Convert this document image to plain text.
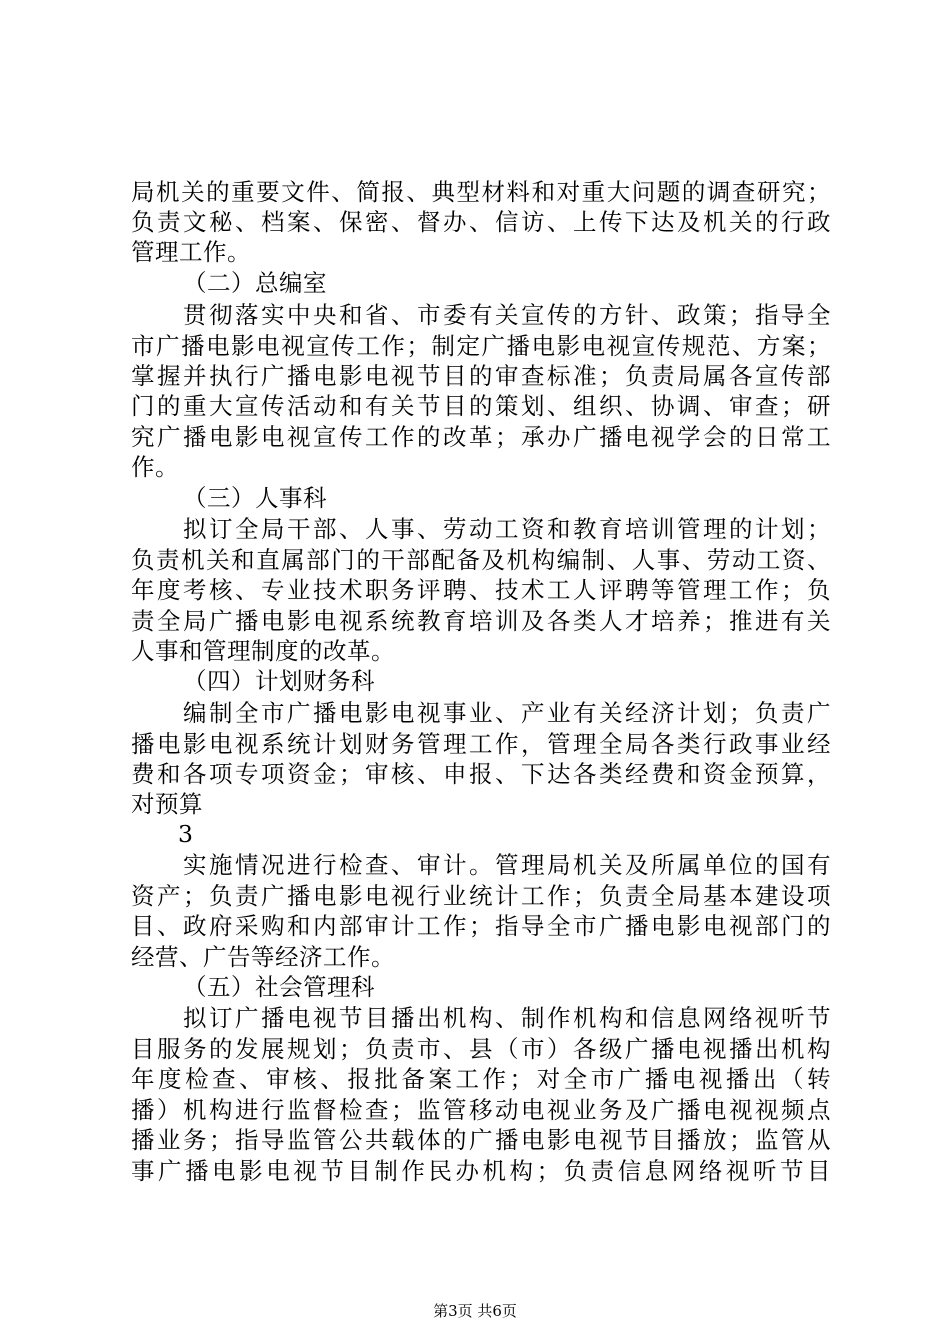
局机关的重要文件、简报、典型材料和对重大问题的调查研究；
负责文秘、档案、保密、督办、信访、上传下达及机关的行政
管理工作。
（二）总编室
贯彻落实中央和省、市委有关宣传的方针、政策；指导全
市广播电影电视宣传工作；制定广播电影电视宣传规范、方案；
掌握并执行广播电影电视节目的审查标准；负责局属各宣传部
门的重大宣传活动和有关节目的策划、组织、协调、审查；研
究广播电影电视宣传工作的改革；承办广播电视学会的日常工
作。
（三）人事科
拟订全局干部、人事、劳动工资和教育培训管理的计划；
负责机关和直属部门的干部配备及机构编制、人事、劳动工资、
年度考核、专业技术职务评聘、技术工人评聘等管理工作；负
责全局广播电影电视系统教育培训及各类人才培养；推进有关
人事和管理制度的改革。
（四）计划财务科
编制全市广播电影电视事业、产业有关经济计划；负责广
播电影电视系统计划财务管理工作，管理全局各类行政事业经
费和各项专项资金；审核、申报、下达各类经费和资金预算，
对预算
3
实施情况进行检查、审计。管理局机关及所属单位的国有
资产；负责广播电影电视行业统计工作；负责全局基本建设项
目、政府采购和内部审计工作；指导全市广播电影电视部门的
经营、广告等经济工作。
（五）社会管理科
拟订广播电视节目播出机构、制作机构和信息网络视听节
目服务的发展规划；负责市、县（市）各级广播电视播出机构
年度检查、审核、报批备案工作；对全市广播电视播出（转
播）机构进行监督检查；监管移动电视业务及广播电视视频点
播业务；指导监管公共载体的广播电影电视节目播放；监管从
事广播电影电视节目制作民办机构；负责信息网络视听节目
第3页 共6页
